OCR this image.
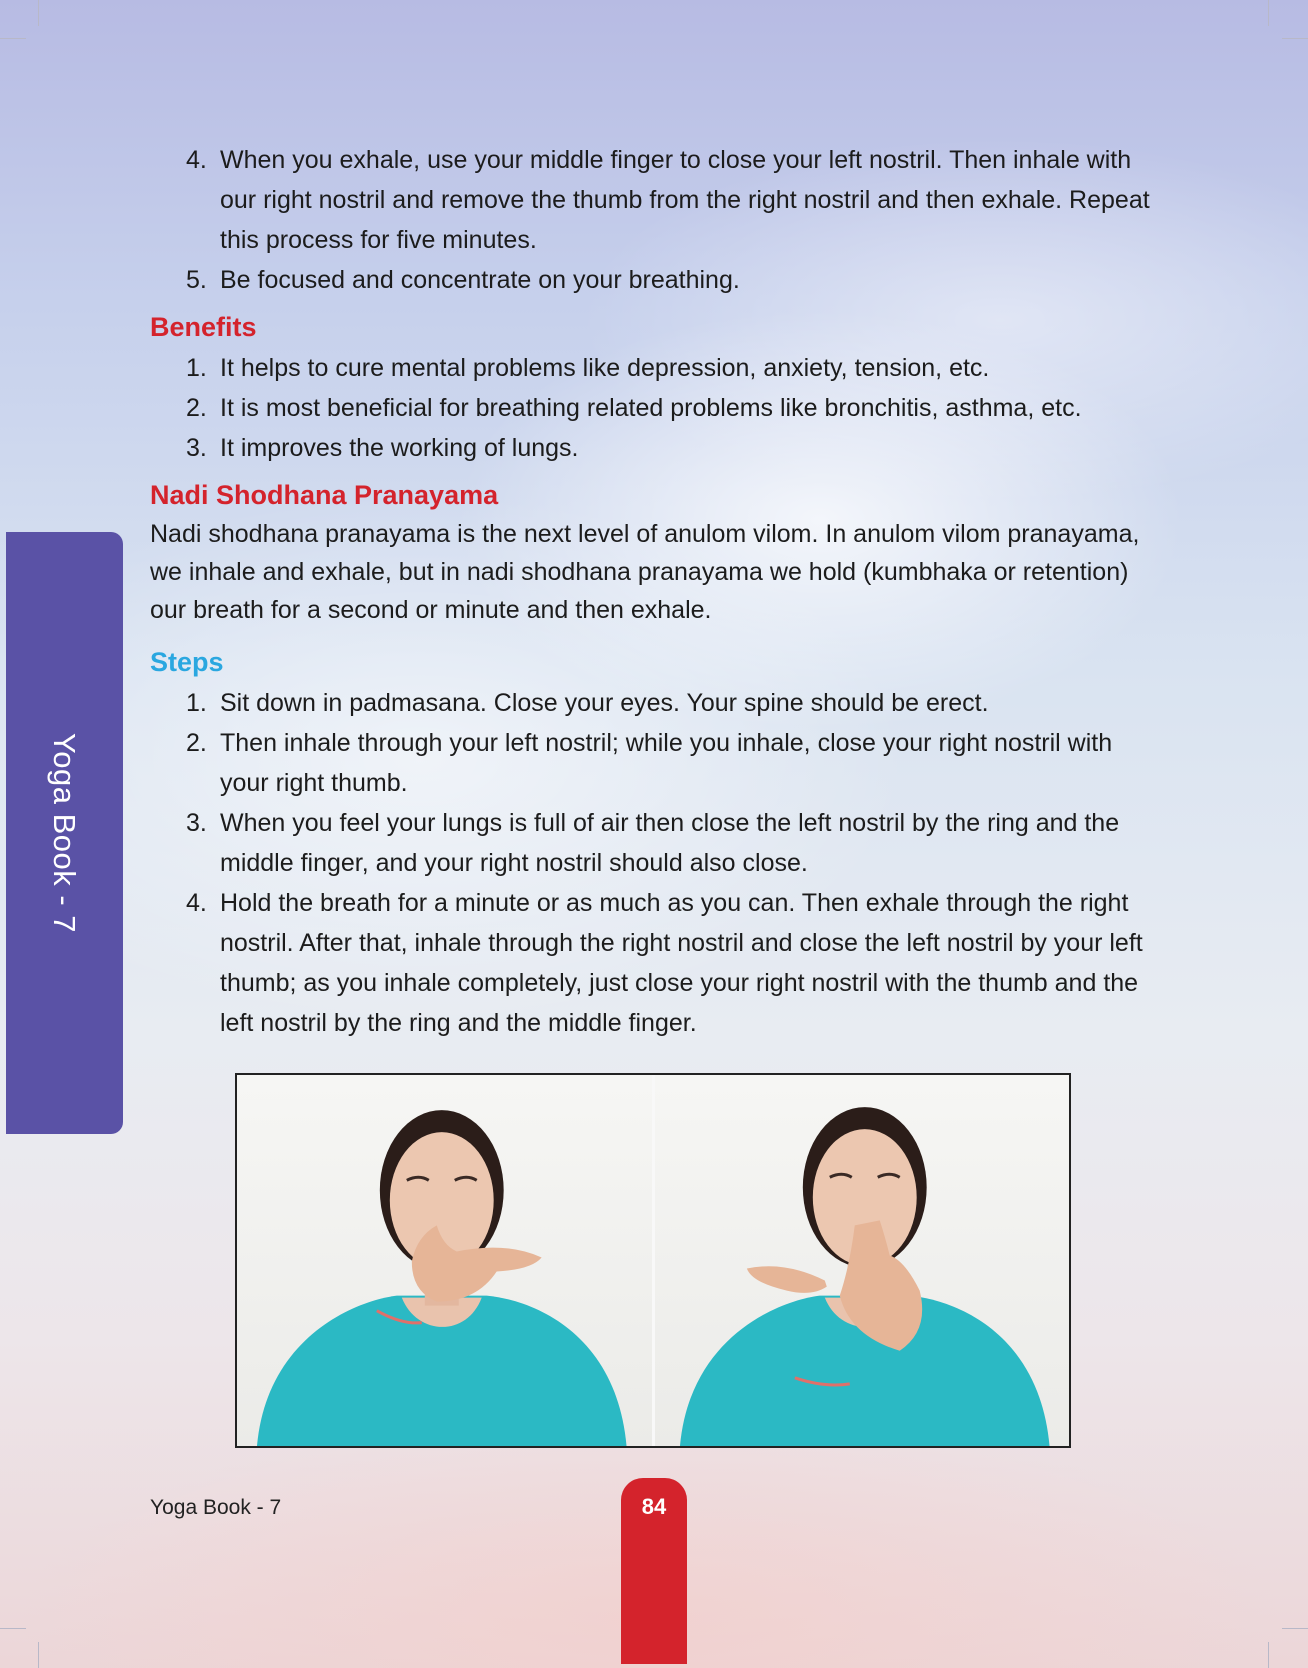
Yoga Book - 7
4. When you exhale, use your middle finger to close your left nostril. Then inhale with our right nostril and remove the thumb from the right nostril and then exhale. Repeat this process for five minutes.
5. Be focused and concentrate on your breathing.
Benefits
1. It helps to cure mental problems like depression, anxiety, tension, etc.
2. It is most beneficial for breathing related problems like bronchitis, asthma, etc.
3. It improves the working of lungs.
Nadi Shodhana Pranayama

Nadi shodhana pranayama is the next level of anulom vilom. In anulom vilom pranayama, we inhale and exhale, but in nadi shodhana pranayama we hold (kumbhaka or retention) our breath for a second or minute and then exhale.

Steps
1. Sit down in padmasana. Close your eyes. Your spine should be erect.
2. Then inhale through your left nostril; while you inhale, close your right nostril with your right thumb.
3. When you feel your lungs is full of air then close the left nostril by the ring and the middle finger, and your right nostril should also close.
4. Hold the breath for a minute or as much as you can. Then exhale through the right nostril. After that, inhale through the right nostril and close the left nostril by your left thumb; as you inhale completely, just close your right nostril with the thumb and the left nostril by the ring and the middle finger.
Yoga Book - 7	84
